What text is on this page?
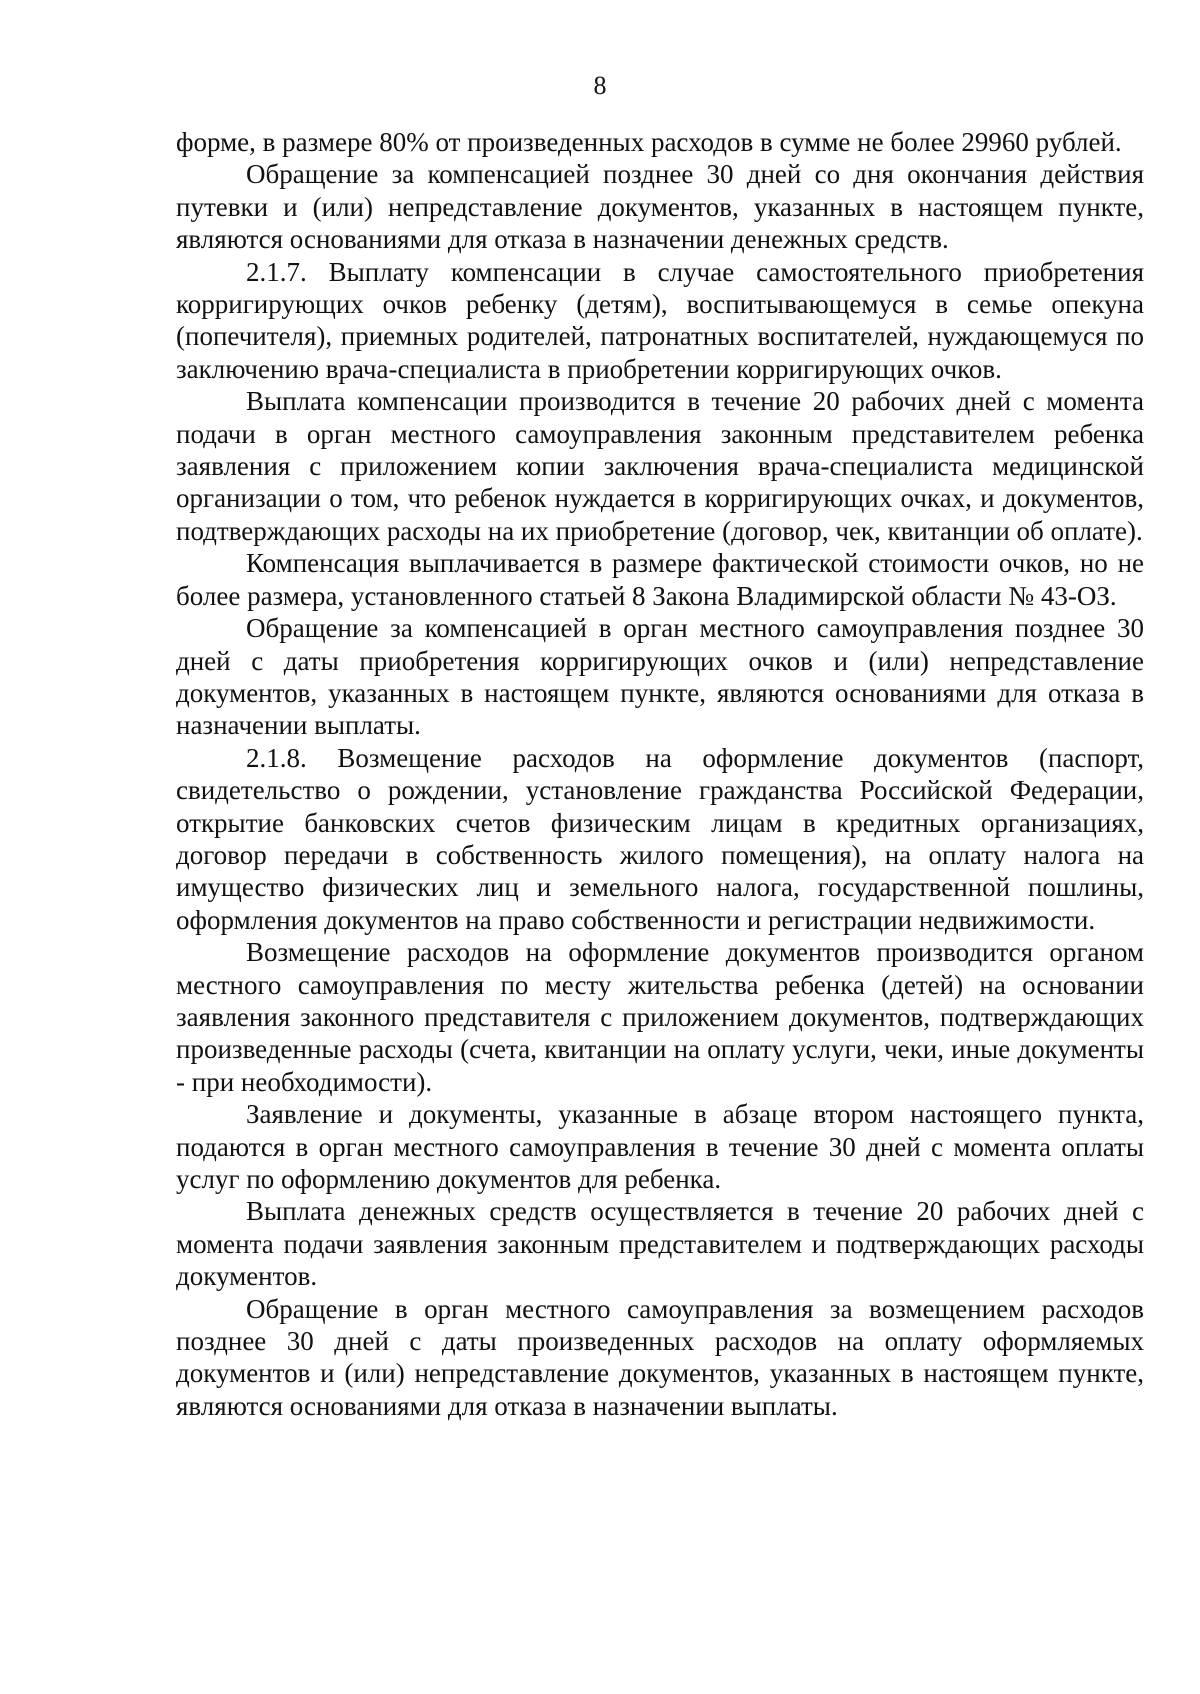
8

форме, в размере 80% от произведенных расходов в сумме не более 29960 рублей.

Обращение за компенсацией позднее 30 дней со дня окончания действия путевки и (или) непредставление документов, указанных в настоящем пункте, являются основаниями для отказа в назначении денежных средств.

2.1.7. Выплату компенсации в случае самостоятельного приобретения корригирующих очков ребенку (детям), воспитывающемуся в семье опекуна (попечителя), приемных родителей, патронатных воспитателей, нуждающемуся по заключению врача-специалиста в приобретении корригирующих очков.

Выплата компенсации производится в течение 20 рабочих дней с момента подачи в орган местного самоуправления законным представителем ребенка заявления с приложением копии заключения врача-специалиста медицинской организации о том, что ребенок нуждается в корригирующих очках, и документов, подтверждающих расходы на их приобретение (договор, чек, квитанции об оплате).

Компенсация выплачивается в размере фактической стоимости очков, но не более размера, установленного статьей 8 Закона Владимирской области № 43-ОЗ.

Обращение за компенсацией в орган местного самоуправления позднее 30 дней с даты приобретения корригирующих очков и (или) непредставление документов, указанных в настоящем пункте, являются основаниями для отказа в назначении выплаты.

2.1.8. Возмещение расходов на оформление документов (паспорт, свидетельство о рождении, установление гражданства Российской Федерации, открытие банковских счетов физическим лицам в кредитных организациях, договор передачи в собственность жилого помещения), на оплату налога на имущество физических лиц и земельного налога, государственной пошлины, оформления документов на право собственности и регистрации недвижимости.

Возмещение расходов на оформление документов производится органом местного самоуправления по месту жительства ребенка (детей) на основании заявления законного представителя с приложением документов, подтверждающих произведенные расходы (счета, квитанции на оплату услуги, чеки, иные документы - при необходимости).

Заявление и документы, указанные в абзаце втором настоящего пункта, подаются в орган местного самоуправления в течение 30 дней с момента оплаты услуг по оформлению документов для ребенка.

Выплата денежных средств осуществляется в течение 20 рабочих дней с момента подачи заявления законным представителем и подтверждающих расходы документов.

Обращение в орган местного самоуправления за возмещением расходов позднее 30 дней с даты произведенных расходов на оплату оформляемых документов и (или) непредставление документов, указанных в настоящем пункте, являются основаниями для отказа в назначении выплаты.
